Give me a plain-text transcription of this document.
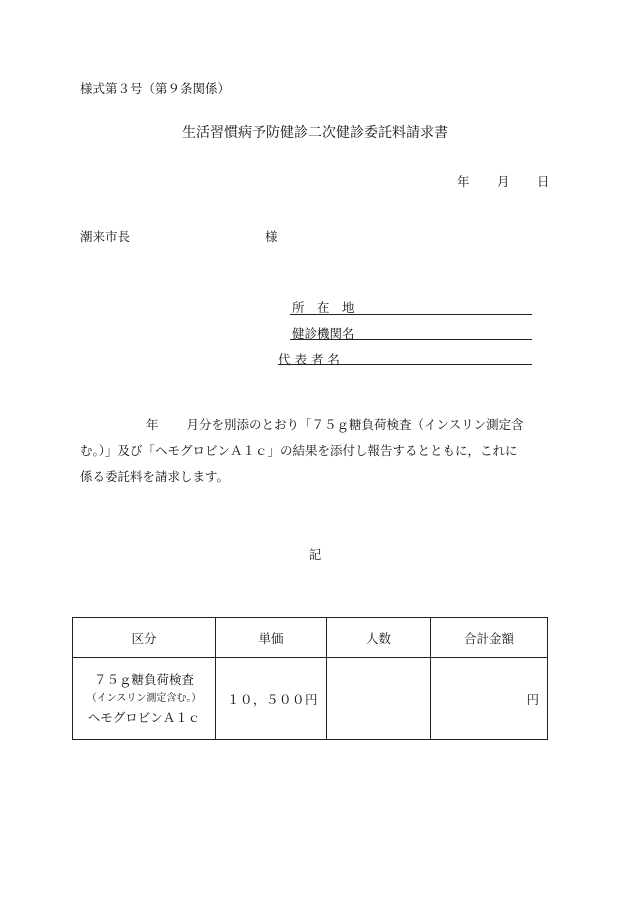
様式第３号（第９条関係）
生活習慣病予防健診二次健診委託料請求書
年 月 日
潮来市長	様
所　在　地
健診機関名
代 表 者 名

年 月分を別添のとおり「７５ｇ糖負荷検査（インスリン測定含

む。）」及び「ヘモグロビンＡ１ｃ」の結果を添付し報告するとともに，これに

係る委託料を請求します。

記
区分	単価	人数	合計金額

７５ｇ糖負荷検査
（インスリン測定含む。）
ヘモグロビンＡ１ｃ	１０，５００円		円
